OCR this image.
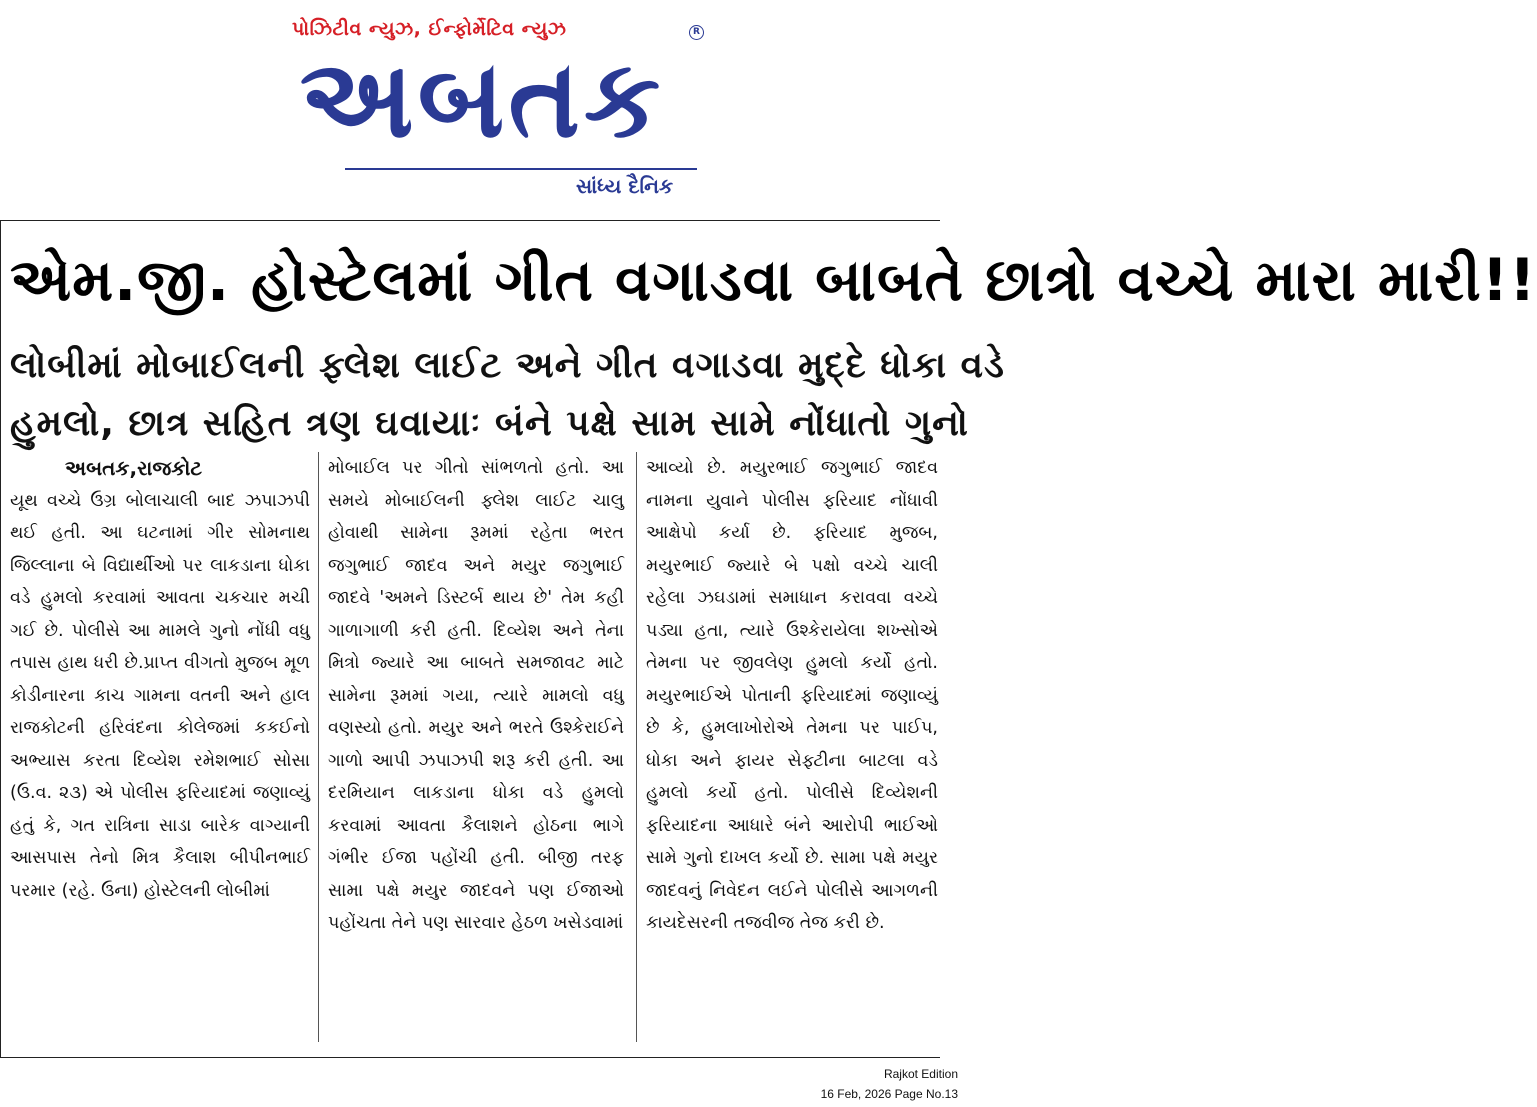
પોઝિટીવ ન્યુઝ, ઈન્ફોર્મેટિવ ન્યુઝ	R
અબતક
સાંધ્ય દૈનિક
એમ.જી. હોસ્ટેલમાં ગીત વગાડવા બાબતે છાત્રો વચ્ચે મારા મારી!!
લોબીમાં મોબાઈલની ફ્લેશ લાઈટ અને ગીત વગાડવા મુદ્દે ધોકા વડે
હુમલો, છાત્ર સહિત ત્રણ ઘવાયાઃ બંને પક્ષે સામ સામે નોંધાતો ગુનો
અબતક,રાજકોટ
યૂથ વચ્ચે ઉગ્ર બોલાચાલી બાદ ઝપાઝપી થઈ હતી. આ ઘટનામાં ગીર સોમનાથ જિલ્લાના બે વિદ્યાર્થીઓ પર લાકડાના ધોકા વડે હુમલો કરવામાં આવતા ચકચાર મચી ગઈ છે. પોલીસે આ મામલે ગુનો નોંધી વધુ તપાસ હાથ ધરી છે.પ્રાપ્ત વીગતો મુજબ મૂળ કોડીનારના કાચ ગામના વતની અને હાલ રાજકોટની હરિવંદના કોલેજમાં કકઈનો અભ્યાસ કરતા દિવ્યેશ રમેશભાઈ સોસા (ઉ.વ. ૨૩) એ પોલીસ ફરિયાદમાં જણાવ્યું હતું કે, ગત રાત્રિના સાડા બારેક વાગ્યાની આસપાસ તેનો મિત્ર કૈલાશ બીપીનભાઈ પરમાર (રહે. ઉના) હોસ્ટેલની લોબીમાં
મોબાઈલ પર ગીતો સાંભળતો હતો. આ સમયે મોબાઈલની ફ્લેશ લાઈટ ચાલુ હોવાથી સામેના રૂમમાં રહેતા ભરત જગુભાઈ જાદવ અને મયુર જગુભાઈ જાદવે 'અમને ડિસ્ટર્બ થાય છે' તેમ કહી ગાળાગાળી કરી હતી. દિવ્યેશ અને તેના મિત્રો જ્યારે આ બાબતે સમજાવટ માટે સામેના રૂમમાં ગયા, ત્યારે મામલો વધુ વણસ્યો હતો. મયુર અને ભરતે ઉશ્કેરાઈને ગાળો આપી ઝપાઝપી શરૂ કરી હતી. આ દરમિયાન લાકડાના ધોકા વડે હુમલો કરવામાં આવતા કૈલાશને હોઠના ભાગે ગંભીર ઈજા પહોંચી હતી. બીજી તરફ સામા પક્ષે મયુર જાદવને પણ ઈજાઓ પહોંચતા તેને પણ સારવાર હેઠળ ખસેડવામાં
આવ્યો છે. મયુરભાઈ જગુભાઈ જાદવ નામના યુવાને પોલીસ ફરિયાદ નોંધાવી આક્ષેપો કર્યા છે. ફરિયાદ મુજબ, મયુરભાઈ જ્યારે બે પક્ષો વચ્ચે ચાલી રહેલા ઝઘડામાં સમાધાન કરાવવા વચ્ચે પડ્યા હતા, ત્યારે ઉશ્કેરાયેલા શખ્સોએ તેમના પર જીવલેણ હુમલો કર્યો હતો. મયુરભાઈએ પોતાની ફરિયાદમાં જણાવ્યું છે કે, હુમલાખોરોએ તેમના પર પાઈપ, ધોકા અને ફાયર સેફ્ટીના બાટલા વડે હુમલો કર્યો હતો. પોલીસે દિવ્યેશની ફરિયાદના આધારે બંને આરોપી ભાઈઓ સામે ગુનો દાખલ કર્યો છે. સામા પક્ષે મયુર જાદવનું નિવેદન લઈને પોલીસે આગળની કાયદેસરની તજવીજ તેજ કરી છે.
Rajkot Edition
16 Feb, 2026 Page No.13
